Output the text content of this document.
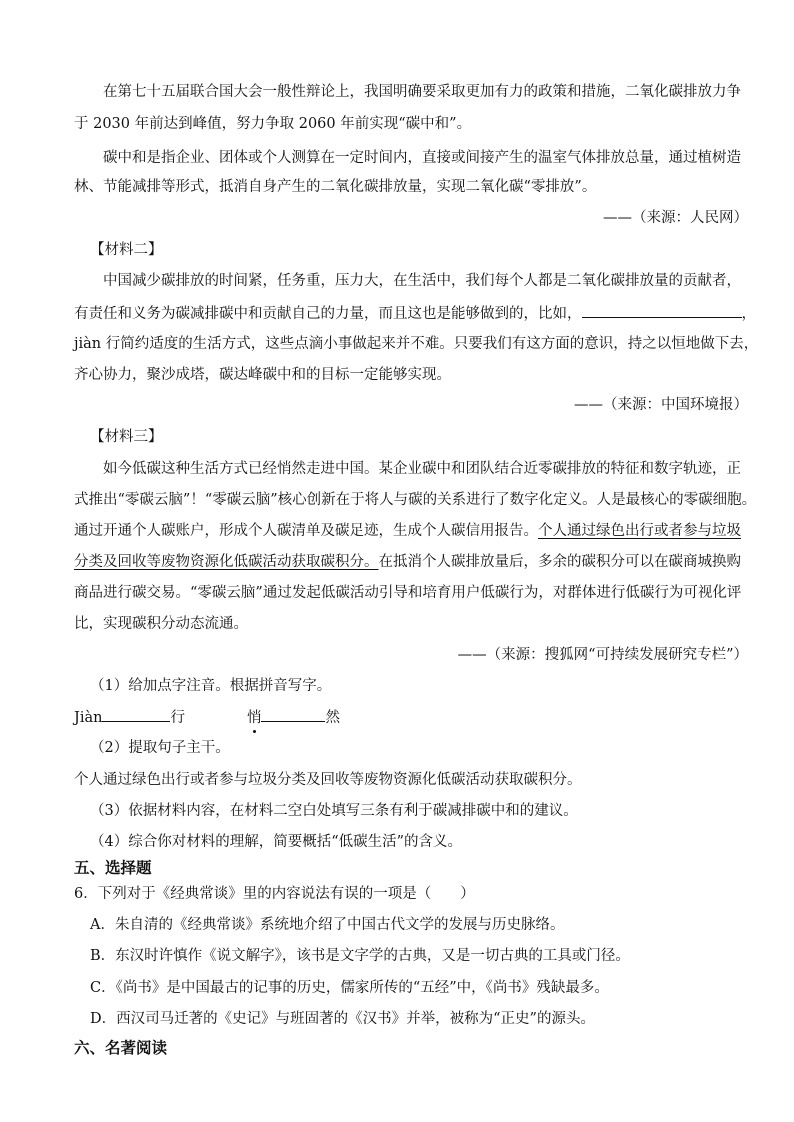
在第七十五届联合国大会一般性辩论上，我国明确要采取更加有力的政策和措施，二氧化碳排放力争
于 2030 年前达到峰值，努力争取 2060 年前实现“碳中和”。
碳中和是指企业、团体或个人测算在一定时间内，直接或间接产生的温室气体排放总量，通过植树造
林、节能减排等形式，抵消自身产生的二氧化碳排放量，实现二氧化碳“零排放”。
——（来源：人民网）
【材料二】
中国减少碳排放的时间紧，任务重，压力大，在生活中，我们每个人都是二氧化碳排放量的贡献者，
有责任和义务为碳减排碳中和贡献自己的力量，而且这也是能够做到的，比如，	，
jiàn 行简约适度的生活方式，这些点滴小事做起来并不难。只要我们有这方面的意识，持之以恒地做下去，
齐心协力，聚沙成塔，碳达峰碳中和的目标一定能够实现。
——（来源：中国环境报）
【材料三】
如今低碳这种生活方式已经悄然走进中国。某企业碳中和团队结合近零碳排放的特征和数字轨迹，正
式推出“零碳云脑”！“零碳云脑”核心创新在于将人与碳的关系进行了数字化定义。人是最核心的零碳细胞。
通过开通个人碳账户，形成个人碳清单及碳足迹，生成个人碳信用报告。个人通过绿色出行或者参与垃圾
分类及回收等废物资源化低碳活动获取碳积分。在抵消个人碳排放量后，多余的碳积分可以在碳商城换购
商品进行碳交易。“零碳云脑”通过发起低碳活动引导和培育用户低碳行为，对群体进行低碳行为可视化评
比，实现碳积分动态流通。
——（来源：搜狐网“可持续发展研究专栏”）
（1）给加点字注音。根据拼音写字。
Jiàn	行	悄	然
（2）提取句子主干。
个人通过绿色出行或者参与垃圾分类及回收等废物资源化低碳活动获取碳积分。
（3）依据材料内容，在材料二空白处填写三条有利于碳减排碳中和的建议。
（4）综合你对材料的理解，简要概括“低碳生活”的含义。
五、选择题
6．下列对于《经典常谈》里的内容说法有误的一项是（　　）
A．朱自清的《经典常谈》系统地介绍了中国古代文学的发展与历史脉络。
B．东汉时许慎作《说文解字》，该书是文字学的古典，又是一切古典的工具或门径。
C．《尚书》是中国最古的记事的历史，儒家所传的“五经”中，《尚书》残缺最多。
D．西汉司马迁著的《史记》与班固著的《汉书》并举，被称为“正史”的源头。
六、名著阅读
